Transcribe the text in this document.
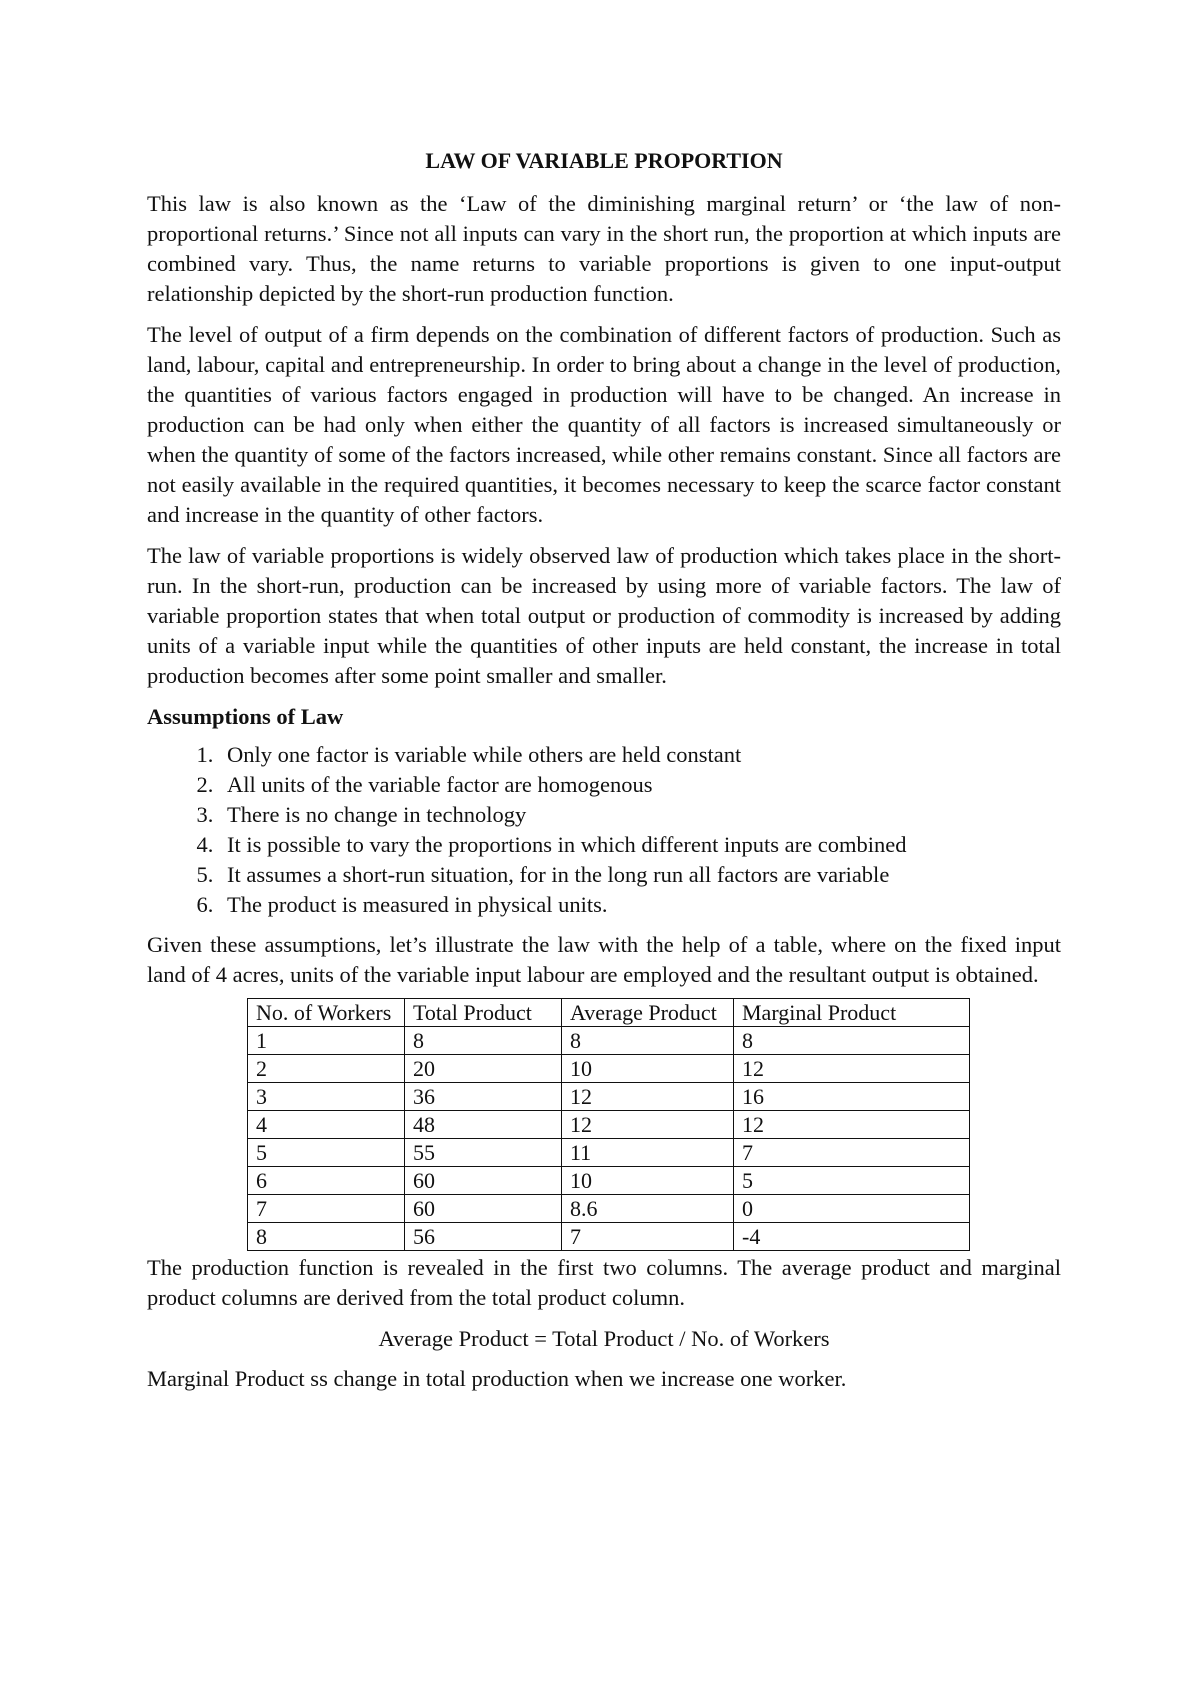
LAW OF VARIABLE PROPORTION

This law is also known as the ‘Law of the diminishing marginal return’ or ‘the law of non-proportional returns.’ Since not all inputs can vary in the short run, the proportion at which inputs are combined vary. Thus, the name returns to variable proportions is given to one input-output relationship depicted by the short-run production function.

The level of output of a firm depends on the combination of different factors of production. Such as land, labour, capital and entrepreneurship. In order to bring about a change in the level of production, the quantities of various factors engaged in production will have to be changed. An increase in production can be had only when either the quantity of all factors is increased simultaneously or when the quantity of some of the factors increased, while other remains constant. Since all factors are not easily available in the required quantities, it becomes necessary to keep the scarce factor constant and increase in the quantity of other factors.

The law of variable proportions is widely observed law of production which takes place in the short-run. In the short-run, production can be increased by using more of variable factors. The law of variable proportion states that when total output or production of commodity is increased by adding units of a variable input while the quantities of other inputs are held constant, the increase in total production becomes after some point smaller and smaller.

Assumptions of Law
1. Only one factor is variable while others are held constant
2. All units of the variable factor are homogenous
3. There is no change in technology
4. It is possible to vary the proportions in which different inputs are combined
5. It assumes a short-run situation, for in the long run all factors are variable
6. The product is measured in physical units.

Given these assumptions, let’s illustrate the law with the help of a table, where on the fixed input land of 4 acres, units of the variable input labour are employed and the resultant output is obtained.

No. of Workers	Total Product	Average Product	Marginal Product
1	8	8	8
2	20	10	12
3	36	12	16
4	48	12	12
5	55	11	7
6	60	10	5
7	60	8.6	0
8	56	7	-4

The production function is revealed in the first two columns. The average product and marginal product columns are derived from the total product column.

Average Product = Total Product / No. of Workers

Marginal Product ss change in total production when we increase one worker.
